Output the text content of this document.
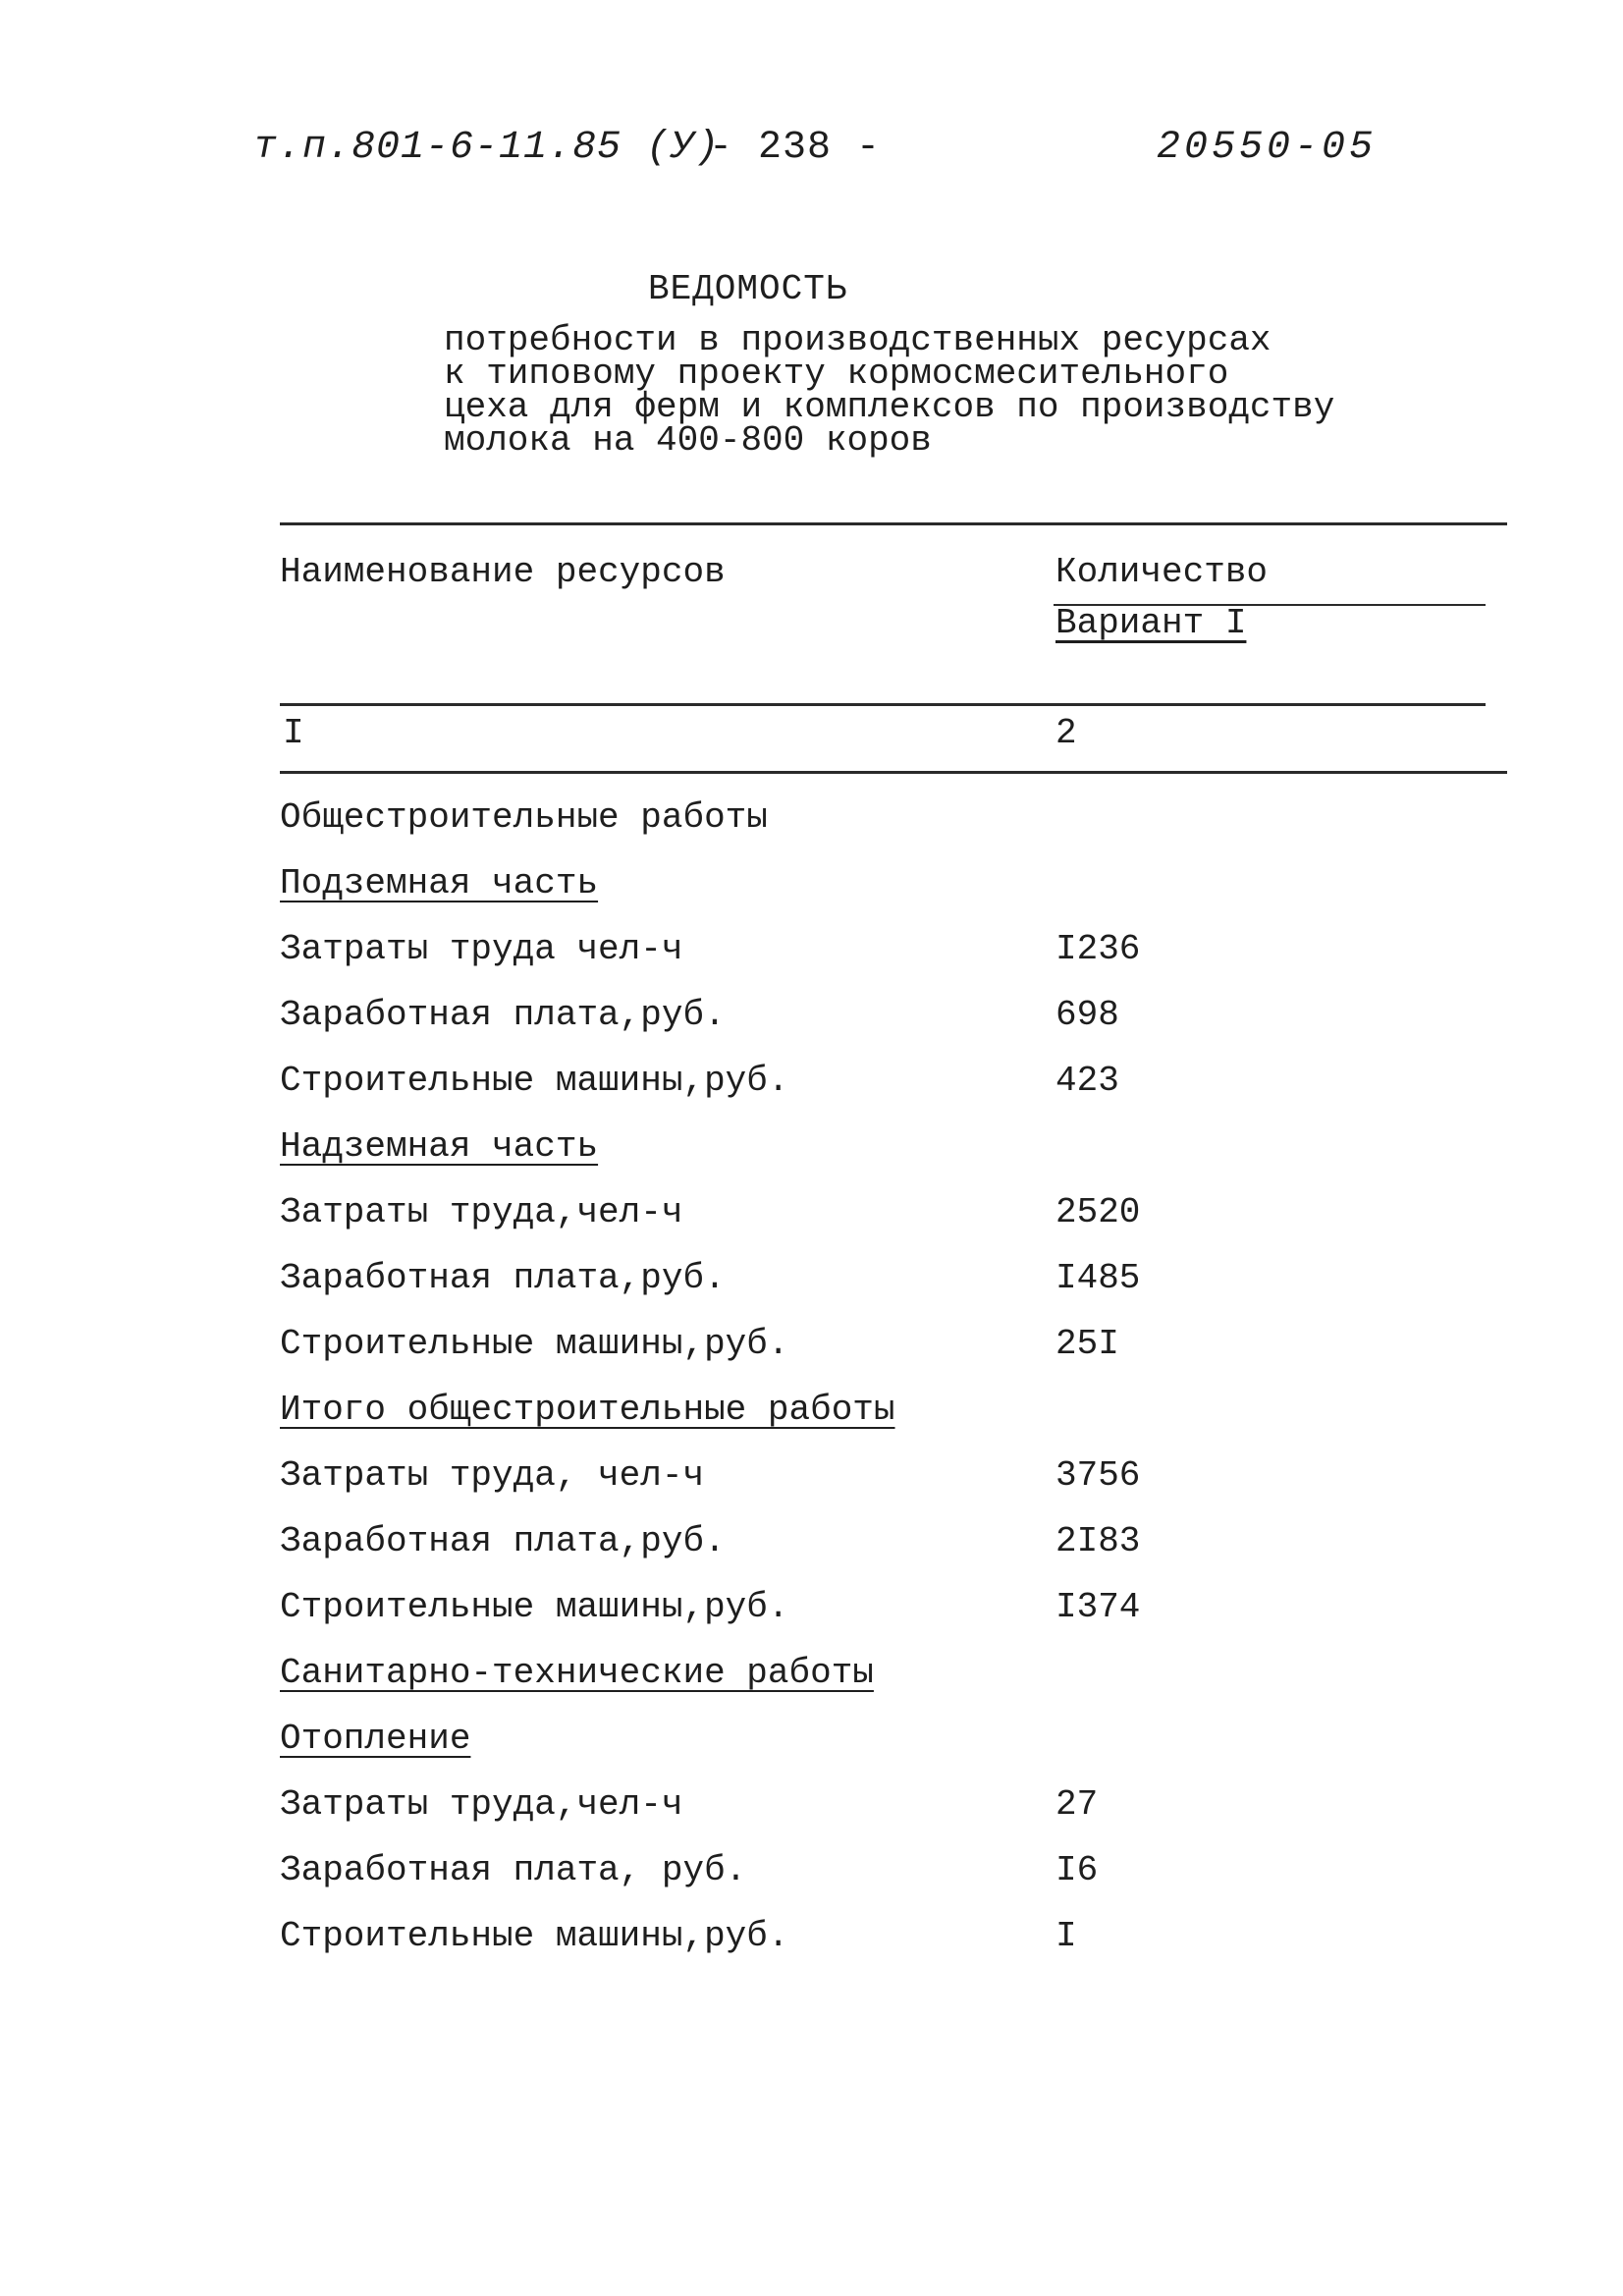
т.п.801-6-11.85 (У)
- 238 -	20550-05
ВЕДОМОСТЬ
потребности в производственных ресурсах
к типовому проекту кормосмесительного
цеха для ферм и комплексов по производству
молока на 400-800 коров
Наименование ресурсов	Количество
Вариант I
I	2
Общестроительные работы
Подземная часть
Затраты труда чел-ч	I236
Заработная плата,руб.	698
Строительные машины,руб.	423
Надземная часть
Затраты труда,чел-ч	2520
Заработная плата,руб.	I485
Строительные машины,руб.	25I
Итого общестроительные работы
Затраты труда, чел-ч	3756
Заработная плата,руб.	2I83
Строительные машины,руб.	I374
Санитарно-технические работы
Отопление
Затраты труда,чел-ч	27
Заработная плата, руб.	I6
Строительные машины,руб.	I
